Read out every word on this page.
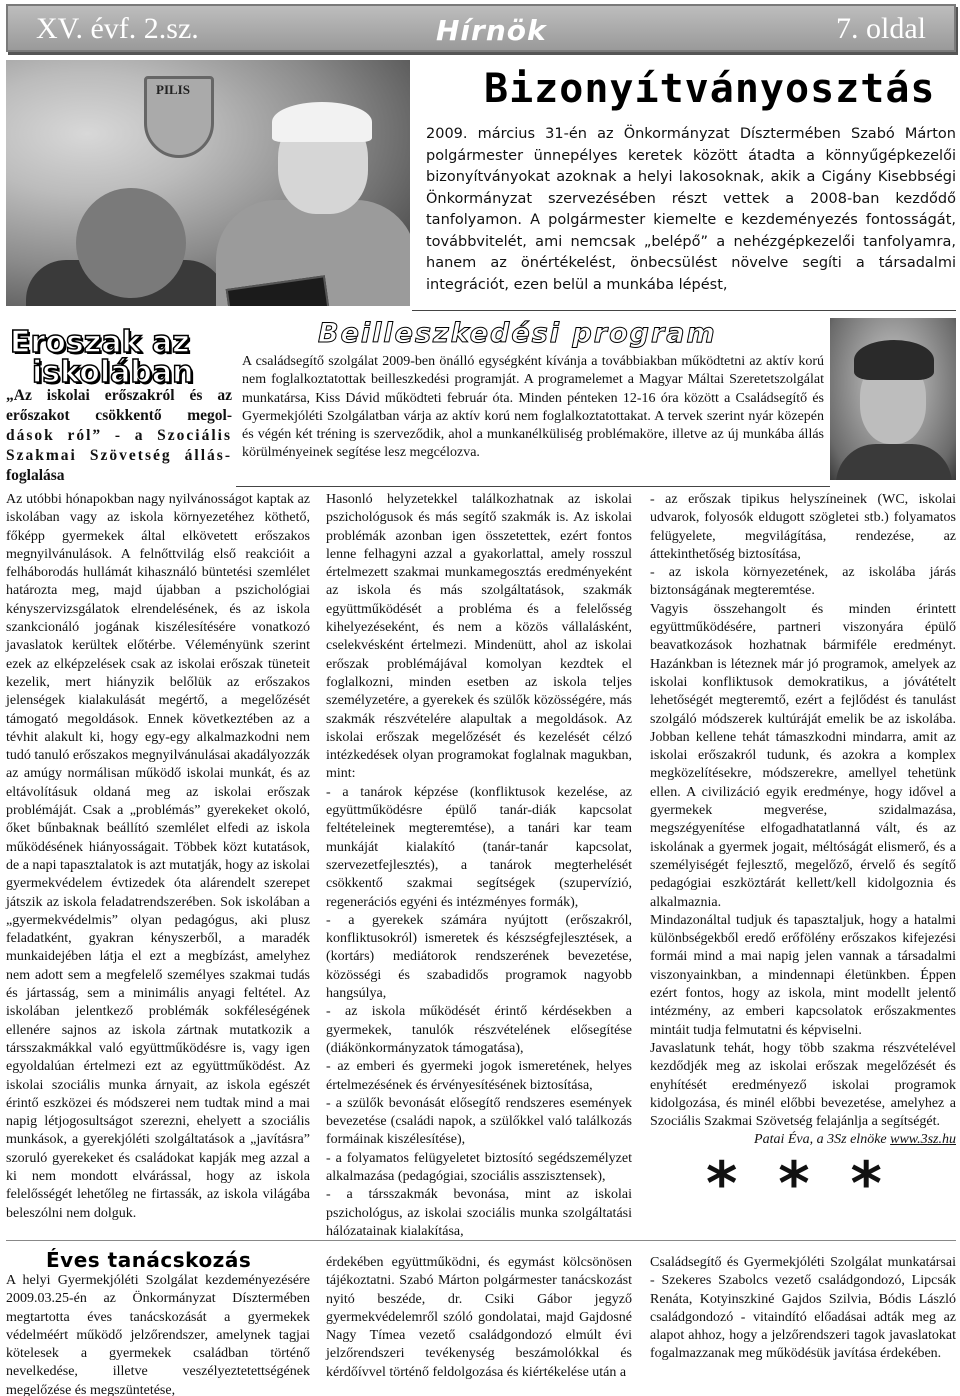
XV. évf. 2.sz.	Hírnök	7. oldal
PILIS	Bizonyítványosztás
2009. március 31-én az Önkormányzat Dísztermében Szabó Márton polgármester ünnepélyes keretek között átadta a könnyűgépkezelői bizonyítványokat azoknak a helyi lakosoknak, akik a Cigány Kisebbségi Önkormányzat szervezésében részt vettek a 2008-ban kezdődő tanfolyamon. A polgármester kiemelte e kezdeményezés fontosságát, továbbvitelét, ami nemcsak „belépő” a nehézgépkezelői tanfolyamra, hanem az önértékelést, önbecsülést növelve segíti a társadalmi integrációt, ezen belül a munkába lépést,
Eroszak az
iskolában
„Az iskolai erőszakról és az erőszakot csökkentő megol- dások ról” - a Szociális Szakmai Szövetség állás- foglalása
Beilleszkedési program
A családsegítő szolgálat 2009-ben önálló egységként kívánja a továbbiakban működtetni az aktív korú nem foglalkoztatottak beilleszkedési programját. A programelemet a Magyar Máltai Szeretetszolgálat munkatársa, Kiss Dávid működteti február óta. Minden pénteken 12-16 óra között a Családsegítő és Gyermekjóléti Szolgálatban várja az aktív korú nem foglalkoztatottakat. A tervek szerint nyár közepén és végén két tréning is szerveződik, ahol a munkanélküliség problémaköre, illetve az új munkába állás körülményeinek segítése lesz megcélozva.
Az utóbbi hónapokban nagy nyilvánosságot kaptak az iskolában vagy az iskola környezetéhez köthető, főképp gyermekek által elkövetett erőszakos megnyilvánulások. A felnőttvilág első reakcióit a felháborodás hullámát kihasználó büntetési szemlélet határozta meg, majd újabban a pszichológiai kényszervizsgálatok elrendelésének, és az iskola szankcionáló jogának kiszélesítésére vonatkozó javaslatok kerültek előtérbe. Véleményünk szerint ezek az elképzelések csak az iskolai erőszak tüneteit kezelik, mert hiányzik belőlük az erőszakos jelenségek kialakulását megértő, a megelőzését támogató megoldások. Ennek következtében az a tévhit alakult ki, hogy egy-egy alkalmazkodni nem tudó tanuló erőszakos megnyilvánulásai akadályozzák az amúgy normálisan működő iskolai munkát, és az eltávolításuk oldaná meg az iskolai erőszak problémáját. Csak a „problémás” gyerekeket okoló, őket bűnbaknak beállító szemlélet elfedi az iskola működésének hiányosságait. Többek közt kutatások, de a napi tapasztalatok is azt mutatják, hogy az iskolai gyermekvédelem évtizedek óta alárendelt szerepet játszik az iskola feladatrendszerében. Sok iskolában a „gyermekvédelmis” olyan pedagógus, aki plusz feladatként, gyakran kényszerből, a maradék munkaidejében látja el ezt a megbízást, amelyhez nem adott sem a megfelelő személyes szakmai tudás és jártasság, sem a minimális anyagi feltétel. Az iskolában jelentkező problémák sokféleségének ellenére sajnos az iskola zártnak mutatkozik a társszakmákkal való együttműködésre is, vagy igen egyoldalúan értelmezi ezt az együttműködést. Az iskolai szociális munka árnyait, az iskola egészét érintő eszközei és módszerei nem tudtak mind a mai napig létjogosultságot szerezni, ehelyett a szociális munkások, a gyerekjóléti szolgáltatások a „javításra” szoruló gyerekeket és családokat kapják meg azzal a ki nem mondott elvárással, hogy az iskola felelősségét lehetőleg ne firtassák, az iskola világába beleszólni nem dolguk.

Hasonló helyzetekkel találkozhatnak az iskolai pszichológusok és más segítő szakmák is. Az iskolai problémák azonban igen összetettek, ezért fontos lenne felhagyni azzal a gyakorlattal, amely rosszul értelmezett szakmai munkamegosztás eredményeként az iskola és más szolgáltatások, szakmák együttműködését a probléma és a felelősség kihelyezéseként, és nem a közös vállalásként, cselekvésként értelmezi. Mindenütt, ahol az iskolai erőszak problémájával komolyan kezdtek el foglalkozni, minden esetben az iskola teljes személyzetére, a gyerekek és szülők közösségére, más szakmák részvételére alapultak a megoldások. Az iskolai erőszak megelőzését és kezelését célzó intézkedések olyan programokat foglalnak magukban, mint:

- a tanárok képzése (konfliktusok kezelése, az együttműködésre épülő tanár-diák kapcsolat feltételeinek megteremtése), a tanári kar team munkáját kialakító (tanár-tanár kapcsolat, szervezetfejlesztés), a tanárok megterhelését csökkentő szakmai segítségek (szupervízió, regenerációs egyéni és intézményes formák),

- a gyerekek számára nyújtott (erőszakról, konfliktusokról) ismeretek és készségfejlesztések, a (kortárs) mediátorok rendszerének bevezetése, közösségi és szabadidős programok nagyobb hangsúlya,

- az iskola működését érintő kérdésekben a gyermekek, tanulók részvételének elősegítése (diákönkormányzatok támogatása),

- az emberi és gyermeki jogok ismeretének, helyes értelmezésének és érvényesítésének biztosítása,

- a szülők bevonását elősegítő rendszeres események bevezetése (családi napok, a szülőkkel való találkozás formáinak kiszélesítése),

- a folyamatos felügyeletet biztosító segédszemélyzet alkalmazása (pedagógiai, szociális asszisztensek),

- a társszakmák bevonása, mint az iskolai pszichológus, az iskolai szociális munka szolgáltatási hálózatainak kialakítása,

- az erőszak tipikus helyszíneinek (WC, iskolai udvarok, folyosók eldugott szögletei stb.) folyamatos felügyelete, megvilágítása, rendezése, az áttekinthetőség biztosítása,
- az iskola környezetének, az iskolába járás biztonságának megteremtése.
Vagyis összehangolt és minden érintett együttműködésére, partneri viszonyára épülő beavatkozások hozhatnak bármiféle eredményt. Hazánkban is léteznek már jó programok, amelyek az iskolai konfliktusok demokratikus, a jóvátételt lehetőségét megteremtő, ezért a fejlődést és tanulást szolgáló módszerek kultúráját emelik be az iskolába. Jobban kellene tehát támaszkodni mindarra, amit az iskolai erőszakról tudunk, és azokra a komplex megközelítésekre, módszerekre, amellyel tehetünk ellen. A civilizáció egyik eredménye, hogy idővel a gyermekek megverése, szidalmazása, megszégyenítése elfogadhatatlanná vált, és az iskolának a gyermek jogait, méltóságát elismerő, és a személyiségét fejlesztő, megelőző, érvelő és segítő pedagógiai eszköztárát kellett/kell kidolgoznia és alkalmaznia.
Mindazonáltal tudjuk és tapasztaljuk, hogy a hatalmi különbségekből eredő erőfölény erőszakos kifejezési formái mind a mai napig jelen vannak a társadalmi viszonyainkban, a mindennapi életünkben. Éppen ezért fontos, hogy az iskola, mint modellt jelentő intézmény, az emberi kapcsolatok erőszakmentes mintáit tudja felmutatni és képviselni.
Javaslatunk tehát, hogy több szakma részvételével kezdődjék meg az iskolai erőszak megelőzését és enyhítését eredményező iskolai programok kidolgozása, és minél előbbi bevezetése, amelyhez a Szociális Szakmai Szövetség felajánlja a segítségét.

Patai Éva, a 3Sz elnöke www.3sz.hu

* * *
Éves tanácskozás
A helyi Gyermekjóléti Szolgálat kezdeményezésére 2009.03.25-én az Önkormányzat Dísztermében megtartotta éves tanácskozását a gyermekek védelméért működő jelzőrendszer, amelynek tagjai kötelesek a gyermekek családban történő nevelkedése, illetve veszélyeztetettségének megelőzése és megszüntetése,
érdekében együttműködni, és egymást kölcsönösen tájékoztatni. Szabó Márton polgármester tanácskozást nyitó beszéde, dr. Csiki Gábor jegyző gyermekvédelemről szóló gondolatai, majd Gajdosné Nagy Tímea vezető családgondozó elmúlt évi jelzőrendszeri tevékenység beszámolókkal és kérdőívvel történő feldolgozása és kiértékelése után a
Családsegítő és Gyermekjóléti Szolgálat munkatársai - Szekeres Szabolcs vezető családgondozó, Lipcsák Renáta, Kotyinszkiné Gajdos Szilvia, Bódis László családgondozó - vitaindító előadásai adták meg az alapot ahhoz, hogy a jelzőrendszeri tagok javaslatokat fogalmazzanak meg működésük javítása érdekében.
